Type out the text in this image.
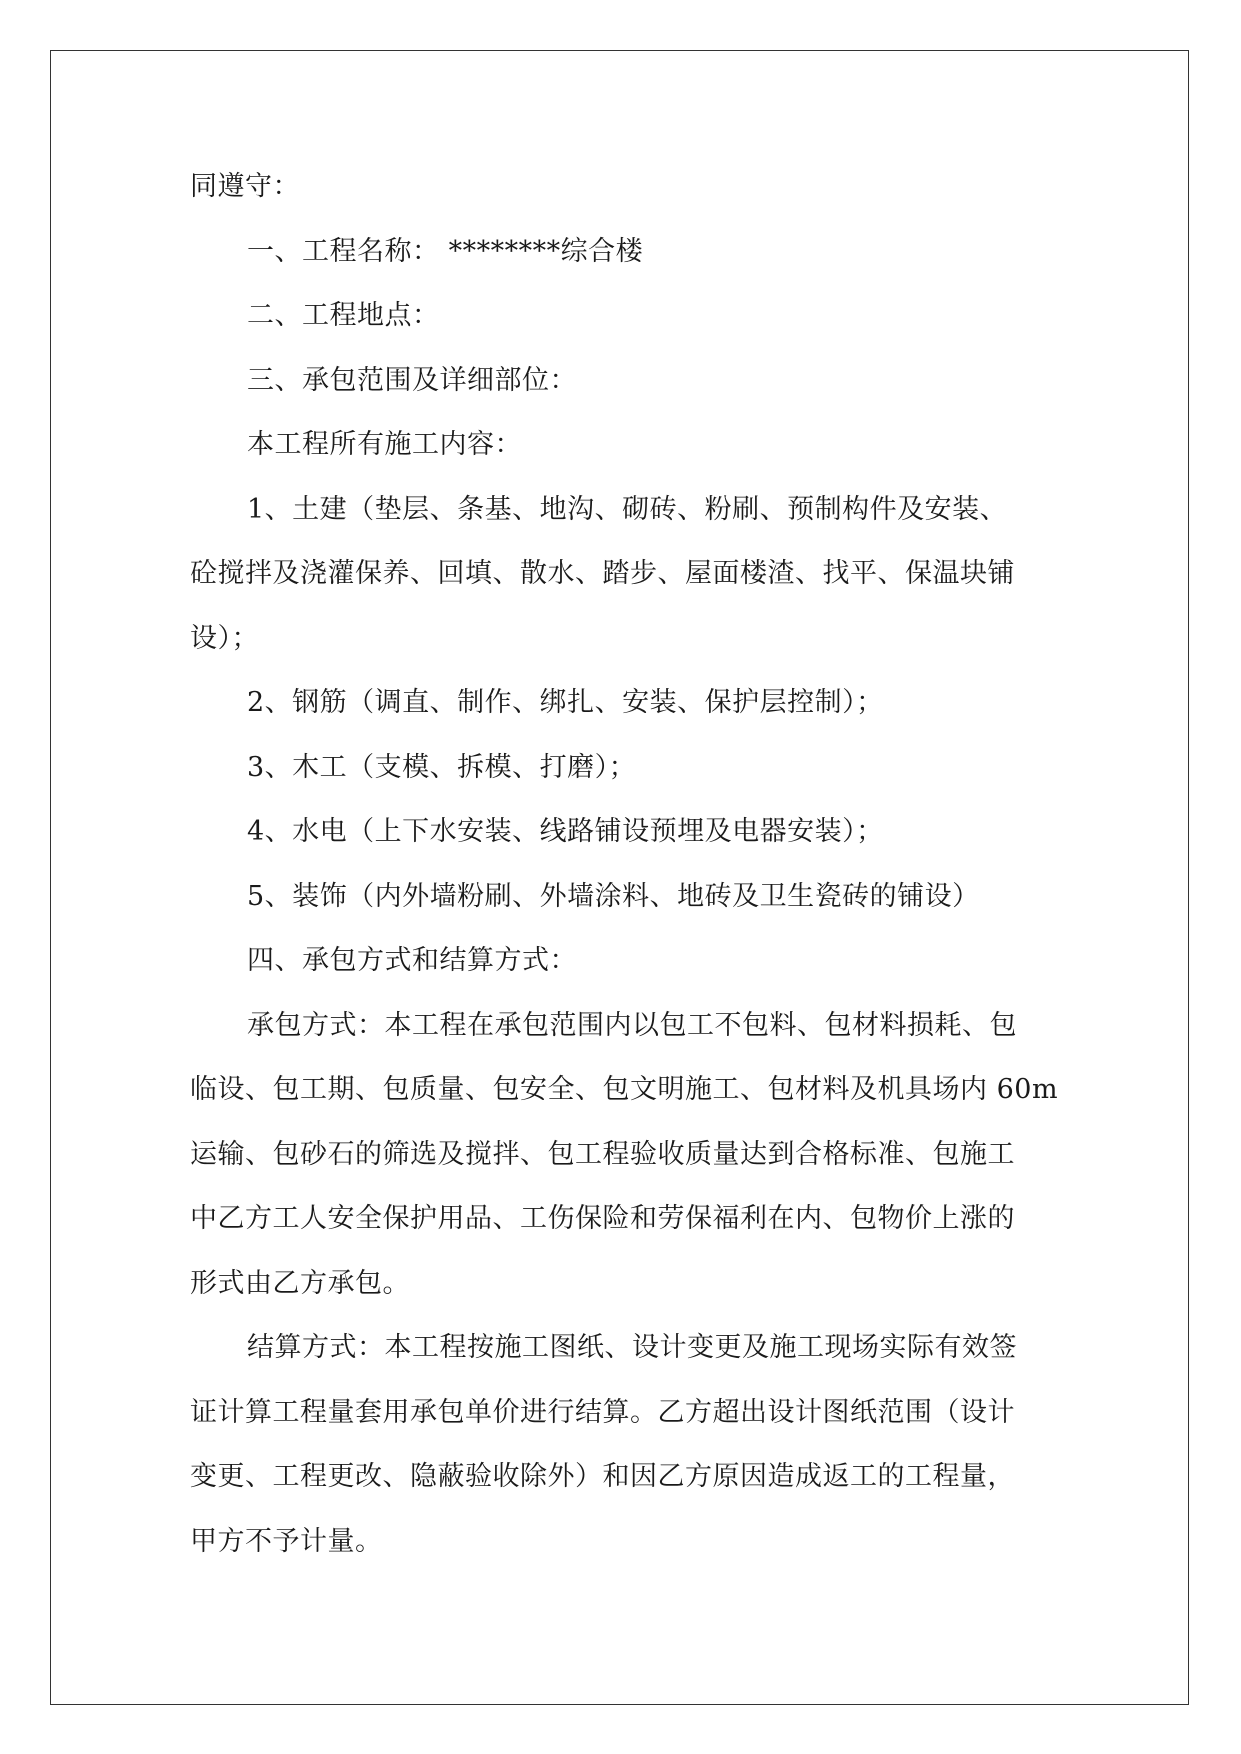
同遵守：
一、工程名称： ********综合楼
二、工程地点：
三、承包范围及详细部位：
本工程所有施工内容：
1、土建（垫层、条基、地沟、砌砖、粉刷、预制构件及安装、
砼搅拌及浇灌保养、回填、散水、踏步、屋面楼渣、找平、保温块铺
设）；
2、钢筋（调直、制作、绑扎、安装、保护层控制）；
3、木工（支模、拆模、打磨）；
4、水电（上下水安装、线路铺设预埋及电器安装）；
5、装饰（内外墙粉刷、外墙涂料、地砖及卫生瓷砖的铺设）
四、承包方式和结算方式：
承包方式：本工程在承包范围内以包工不包料、包材料损耗、包
临设、包工期、包质量、包安全、包文明施工、包材料及机具场内 60m
运输、包砂石的筛选及搅拌、包工程验收质量达到合格标准、包施工
中乙方工人安全保护用品、工伤保险和劳保福利在内、包物价上涨的
形式由乙方承包。
结算方式：本工程按施工图纸、设计变更及施工现场实际有效签
证计算工程量套用承包单价进行结算。乙方超出设计图纸范围（设计
变更、工程更改、隐蔽验收除外）和因乙方原因造成返工的工程量，
甲方不予计量。
